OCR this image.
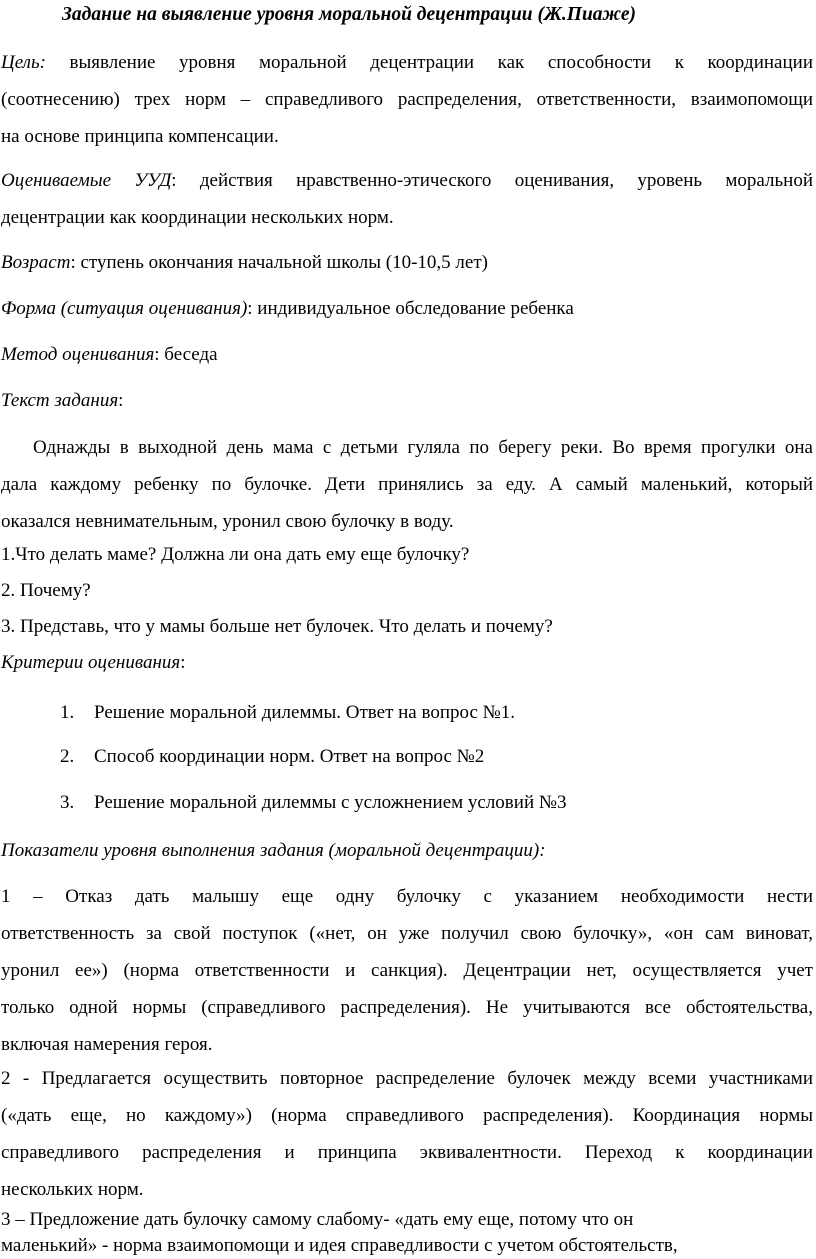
Задание на выявление уровня моральной децентрации (Ж.Пиаже)
Цель: выявление уровня моральной децентрации как способности к координации
(соотнесению) трех норм – справедливого распределения, ответственности, взаимопомощи
на основе принципа компенсации.
Оцениваемые УУД: действия нравственно-этического оценивания, уровень моральной
децентрации как координации нескольких норм.
Возраст: ступень окончания начальной школы (10-10,5 лет)
Форма (ситуация оценивания): индивидуальное обследование ребенка
Метод оценивания: беседа
Текст задания:
Однажды в выходной день мама с детьми гуляла по берегу реки. Во время прогулки она
дала каждому ребенку по булочке. Дети принялись за еду. А самый маленький, который
оказался невнимательным, уронил свою булочку в воду.
1.Что делать маме? Должна ли она дать ему еще булочку?
2. Почему?
3. Представь, что у мамы больше нет булочек. Что делать и почему?
Критерии оценивания:
1. Решение моральной дилеммы. Ответ на вопрос №1.
2. Способ координации норм. Ответ на вопрос №2
3. Решение моральной дилеммы с усложнением условий №3
Показатели уровня выполнения задания (моральной децентрации):
1 – Отказ дать малышу еще одну булочку с указанием необходимости нести
ответственность за свой поступок («нет, он уже получил свою булочку», «он сам виноват,
уронил ее») (норма ответственности и санкция). Децентрации нет, осуществляется учет
только одной нормы (справедливого распределения). Не учитываются все обстоятельства,
включая намерения героя.
2 - Предлагается осуществить повторное распределение булочек между всеми участниками
(«дать еще, но каждому») (норма справедливого распределения). Координация нормы
справедливого распределения и принципа эквивалентности. Переход к координации
нескольких норм.
3 – Предложение дать булочку самому слабому- «дать ему еще, потому что он
маленький» - норма взаимопомощи и идея справедливости с учетом обстоятельств,
